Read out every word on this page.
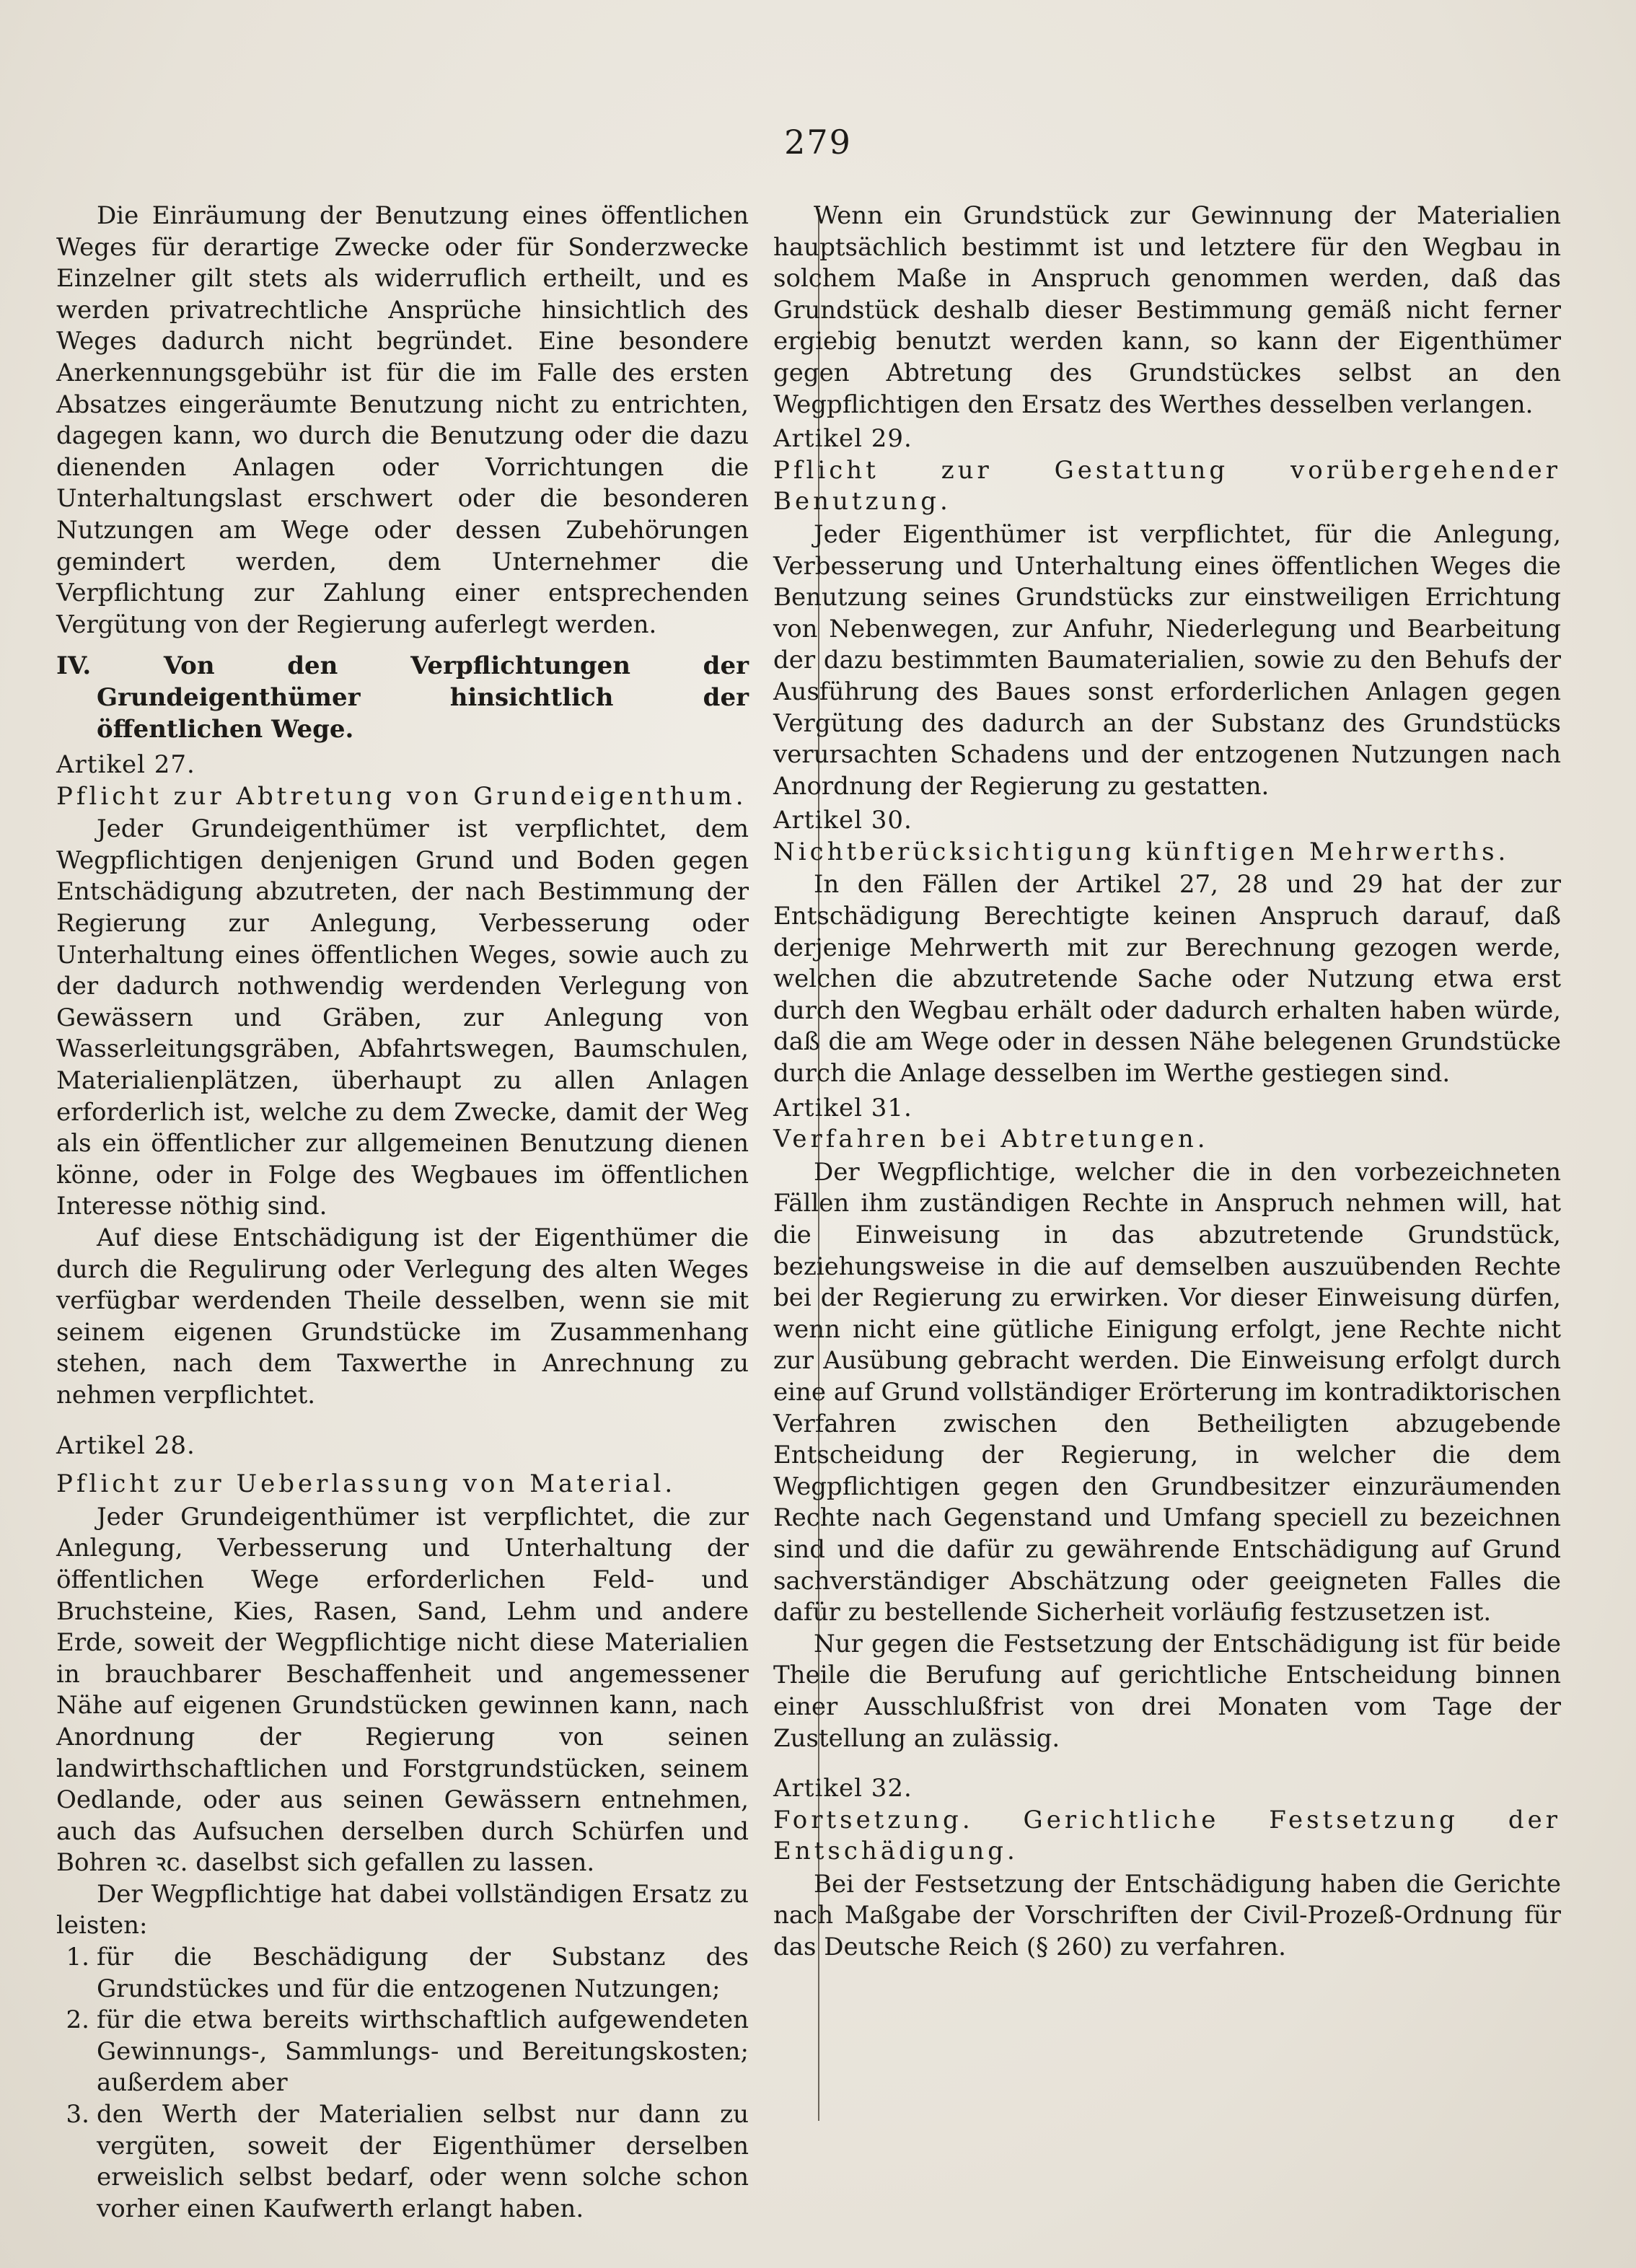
279

Die Einräumung der Benutzung eines öffentlichen Weges für derartige Zwecke oder für Sonderzwecke Einzelner gilt stets als widerruflich ertheilt, und es werden privatrechtliche Ansprüche hinsichtlich des Weges dadurch nicht begründet. Eine besondere Anerkennungsgebühr ist für die im Falle des ersten Absatzes eingeräumte Benutzung nicht zu entrichten, dagegen kann, wo durch die Benutzung oder die dazu dienenden Anlagen oder Vorrichtungen die Unterhaltungslast erschwert oder die besonderen Nutzungen am Wege oder dessen Zubehörungen gemindert werden, dem Unternehmer die Verpflichtung zur Zahlung einer entsprechenden Vergütung von der Regierung auferlegt werden.

IV. Von den Verpflichtungen der Grundeigenthümer hinsichtlich der öffentlichen Wege.

Artikel 27.

Pflicht zur Abtretung von Grundeigenthum.

Jeder Grundeigenthümer ist verpflichtet, dem Wegpflichtigen denjenigen Grund und Boden gegen Entschädigung abzutreten, der nach Bestimmung der Regierung zur Anlegung, Verbesserung oder Unterhaltung eines öffentlichen Weges, sowie auch zu der dadurch nothwendig werdenden Verlegung von Gewässern und Gräben, zur Anlegung von Wasserleitungsgräben, Abfahrtswegen, Baumschulen, Materialienplätzen, überhaupt zu allen Anlagen erforderlich ist, welche zu dem Zwecke, damit der Weg als ein öffentlicher zur allgemeinen Benutzung dienen könne, oder in Folge des Wegbaues im öffentlichen Interesse nöthig sind.

Auf diese Entschädigung ist der Eigenthümer die durch die Regulirung oder Verlegung des alten Weges verfügbar werdenden Theile desselben, wenn sie mit seinem eigenen Grundstücke im Zusammenhang stehen, nach dem Taxwerthe in Anrechnung zu nehmen verpflichtet.

Artikel 28.

Pflicht zur Ueberlassung von Material.

Jeder Grundeigenthümer ist verpflichtet, die zur Anlegung, Verbesserung und Unterhaltung der öffentlichen Wege erforderlichen Feld- und Bruchsteine, Kies, Rasen, Sand, Lehm und andere Erde, soweit der Wegpflichtige nicht diese Materialien in brauchbarer Beschaffenheit und angemessener Nähe auf eigenen Grundstücken gewinnen kann, nach Anordnung der Regierung von seinen landwirthschaftlichen und Forstgrundstücken, seinem Oedlande, oder aus seinen Gewässern entnehmen, auch das Aufsuchen derselben durch Schürfen und Bohren ꝛc. daselbst sich gefallen zu lassen.

Der Wegpflichtige hat dabei vollständigen Ersatz zu leisten:

1. für die Beschädigung der Substanz des Grundstückes und für die entzogenen Nutzungen;
2. für die etwa bereits wirthschaftlich aufgewendeten Gewinnungs-, Sammlungs- und Bereitungskosten; außerdem aber
3. den Werth der Materialien selbst nur dann zu vergüten, soweit der Eigenthümer derselben erweislich selbst bedarf, oder wenn solche schon vorher einen Kaufwerth erlangt haben.

Wenn ein Grundstück zur Gewinnung der Materialien hauptsächlich bestimmt ist und letztere für den Wegbau in solchem Maße in Anspruch genommen werden, daß das Grundstück deshalb dieser Bestimmung gemäß nicht ferner ergiebig benutzt werden kann, so kann der Eigenthümer gegen Abtretung des Grundstückes selbst an den Wegpflichtigen den Ersatz des Werthes desselben verlangen.

Artikel 29.

Pflicht zur Gestattung vorübergehender Benutzung.

Jeder Eigenthümer ist verpflichtet, für die Anlegung, Verbesserung und Unterhaltung eines öffentlichen Weges die Benutzung seines Grundstücks zur einstweiligen Errichtung von Nebenwegen, zur Anfuhr, Niederlegung und Bearbeitung der dazu bestimmten Baumaterialien, sowie zu den Behufs der Ausführung des Baues sonst erforderlichen Anlagen gegen Vergütung des dadurch an der Substanz des Grundstücks verursachten Schadens und der entzogenen Nutzungen nach Anordnung der Regierung zu gestatten.

Artikel 30.

Nichtberücksichtigung künftigen Mehrwerths.

In den Fällen der Artikel 27, 28 und 29 hat der zur Entschädigung Berechtigte keinen Anspruch darauf, daß derjenige Mehrwerth mit zur Berechnung gezogen werde, welchen die abzutretende Sache oder Nutzung etwa erst durch den Wegbau erhält oder dadurch erhalten haben würde, daß die am Wege oder in dessen Nähe belegenen Grundstücke durch die Anlage desselben im Werthe gestiegen sind.

Artikel 31.

Verfahren bei Abtretungen.

Der Wegpflichtige, welcher die in den vorbezeichneten Fällen ihm zuständigen Rechte in Anspruch nehmen will, hat die Einweisung in das abzutretende Grundstück, beziehungsweise in die auf demselben auszuübenden Rechte bei der Regierung zu erwirken. Vor dieser Einweisung dürfen, wenn nicht eine gütliche Einigung erfolgt, jene Rechte nicht zur Ausübung gebracht werden. Die Einweisung erfolgt durch eine auf Grund vollständiger Erörterung im kontradiktorischen Verfahren zwischen den Betheiligten abzugebende Entscheidung der Regierung, in welcher die dem Wegpflichtigen gegen den Grundbesitzer einzuräumenden Rechte nach Gegenstand und Umfang speciell zu bezeichnen sind und die dafür zu gewährende Entschädigung auf Grund sachverständiger Abschätzung oder geeigneten Falles die dafür zu bestellende Sicherheit vorläufig festzusetzen ist.

Nur gegen die Festsetzung der Entschädigung ist für beide Theile die Berufung auf gerichtliche Entscheidung binnen einer Ausschlußfrist von drei Monaten vom Tage der Zustellung an zulässig.

Artikel 32.

Fortsetzung. Gerichtliche Festsetzung der Entschädigung.

Bei der Festsetzung der Entschädigung haben die Gerichte nach Maßgabe der Vorschriften der Civil-Prozeß-Ordnung für das Deutsche Reich (§ 260) zu verfahren.
